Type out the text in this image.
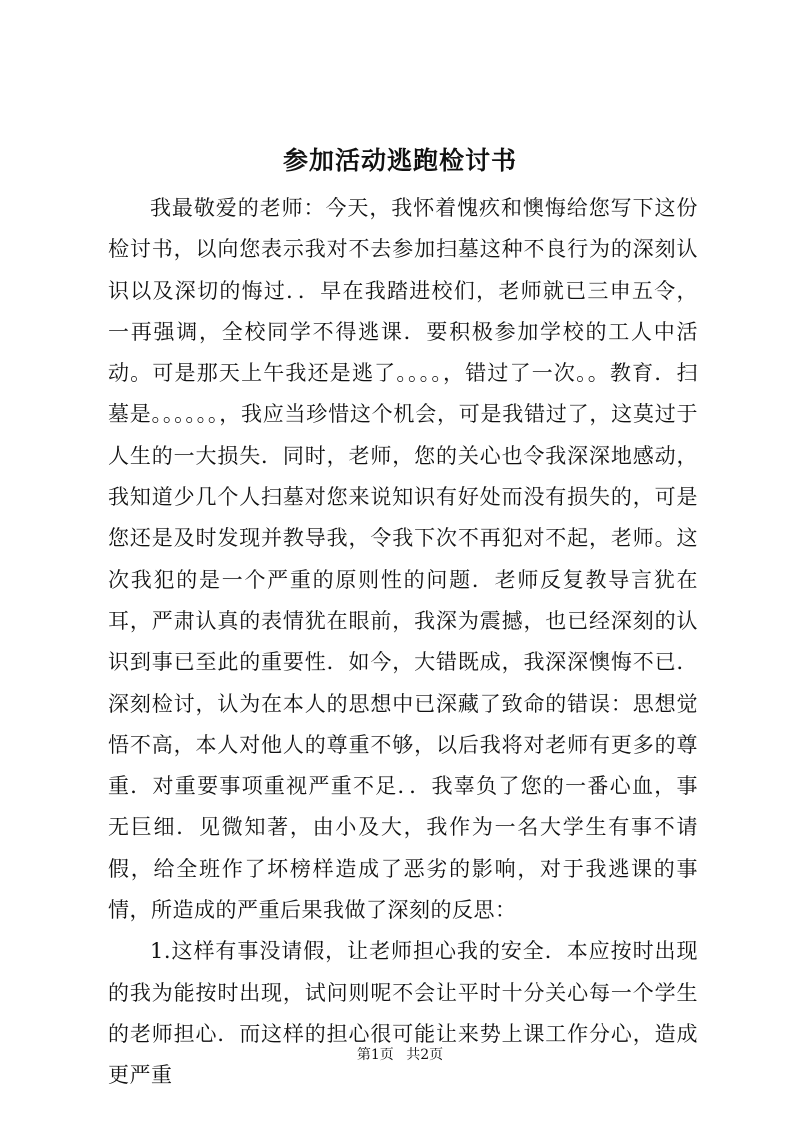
参加活动逃跑检讨书

我最敬爱的老师：今天，我怀着愧疚和懊悔给您写下这份检讨书，以向您表示我对不去参加扫墓这种不良行为的深刻认识以及深切的悔过．．早在我踏进校们，老师就已三申五令，一再强调，全校同学不得逃课．要积极参加学校的工人中活动。可是那天上午我还是逃了。。。。，错过了一次。。教育．扫墓是。。。。。。，我应当珍惜这个机会，可是我错过了，这莫过于人生的一大损失．同时，老师，您的关心也令我深深地感动，我知道少几个人扫墓对您来说知识有好处而没有损失的，可是您还是及时发现并教导我，令我下次不再犯对不起，老师。这次我犯的是一个严重的原则性的问题．老师反复教导言犹在耳，严肃认真的表情犹在眼前，我深为震撼，也已经深刻的认识到事已至此的重要性．如今，大错既成，我深深懊悔不已．深刻检讨，认为在本人的思想中已深藏了致命的错误：思想觉悟不高，本人对他人的尊重不够，以后我将对老师有更多的尊重．对重要事项重视严重不足．．我辜负了您的一番心血，事无巨细．见微知著，由小及大，我作为一名大学生有事不请假，给全班作了坏榜样造成了恶劣的影响，对于我逃课的事情，所造成的严重后果我做了深刻的反思：

1.这样有事没请假，让老师担心我的安全．本应按时出现的我为能按时出现，试问则呢不会让平时十分关心每一个学生的老师担心．而这样的担心很可能让来势上课工作分心，造成更严重

第1页 共2页
